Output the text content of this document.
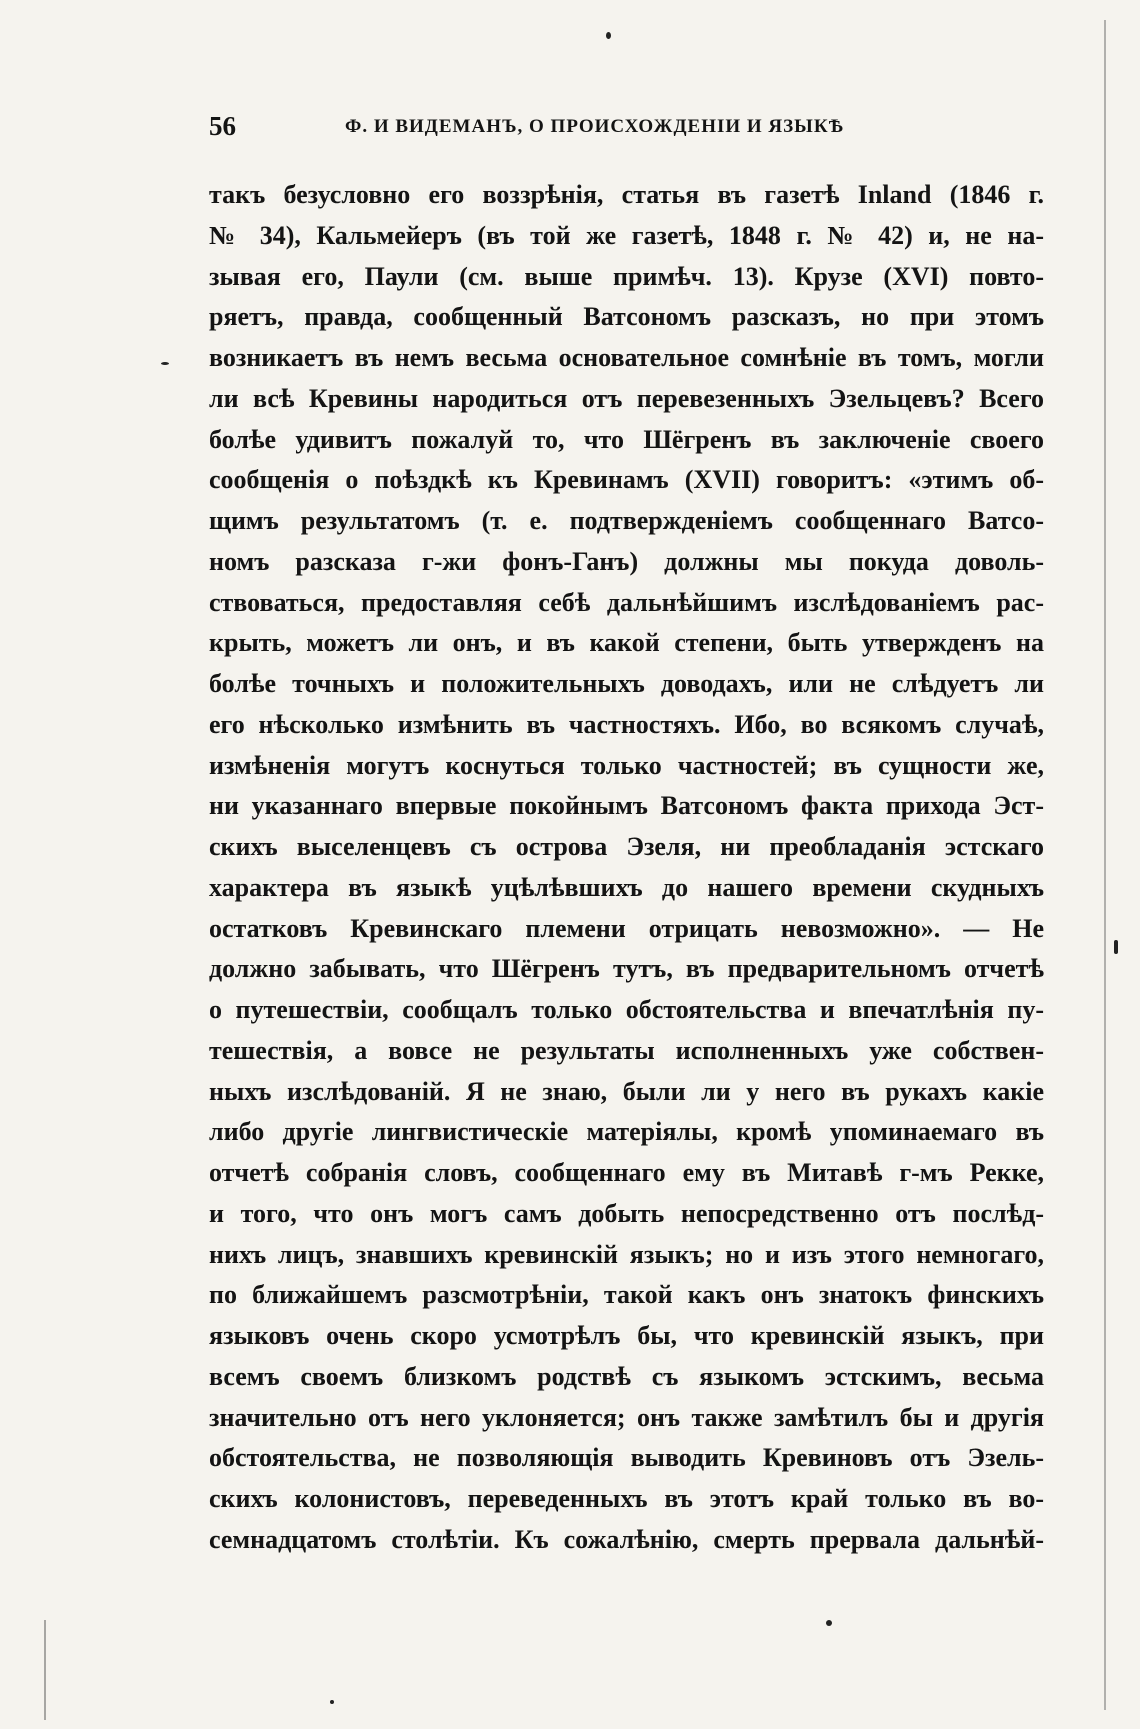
56	Ф. И ВИДЕМАНЪ, О ПРОИСХОЖДЕНIИ И ЯЗЫКѢ
такъ безусловно его воззрѣнія, статья въ газетѣ Inland (1846 г.
№ 34), Кальмейеръ (въ той же газетѣ, 1848 г. № 42) и, не на-
зывая его, Паули (см. выше примѣч. 13). Крузе (XVI) повто-
ряетъ, правда, сообщенный Ватсономъ разсказъ, но при этомъ
возникаетъ въ немъ весьма основательное сомнѣніе въ томъ, могли
ли всѣ Кревины народиться отъ перевезенныхъ Эзельцевъ? Всего
болѣе удивитъ пожалуй то, что Шёгренъ въ заключеніе своего
сообщенія о поѣздкѣ къ Кревинамъ (XVII) говоритъ: «этимъ об-
щимъ результатомъ (т. е. подтвержденіемъ сообщеннаго Ватсо-
номъ разсказа г-жи фонъ-Ганъ) должны мы покуда доволь-
ствоваться, предоставляя себѣ дальнѣйшимъ изслѣдованіемъ рас-
крыть, можетъ ли онъ, и въ какой степени, быть утвержденъ на
болѣе точныхъ и положительныхъ доводахъ, или не слѣдуетъ ли
его нѣсколько измѣнить въ частностяхъ. Ибо, во всякомъ случаѣ,
измѣненія могутъ коснуться только частностей; въ сущности же,
ни указаннаго впервые покойнымъ Ватсономъ факта прихода Эст-
скихъ выселенцевъ съ острова Эзеля, ни преобладанія эстскаго
характера въ языкѣ уцѣлѣвшихъ до нашего времени скудныхъ
остатковъ Кревинскаго племени отрицать невозможно». — Не
должно забывать, что Шёгренъ тутъ, въ предварительномъ отчетѣ
о путешествіи, сообщалъ только обстоятельства и впечатлѣнія пу-
тешествія, а вовсе не результаты исполненныхъ уже собствен-
ныхъ изслѣдованій. Я не знаю, были ли у него въ рукахъ какіе
либо другіе лингвистическіе матеріялы, кромѣ упоминаемаго въ
отчетѣ собранія словъ, сообщеннаго ему въ Митавѣ г-мъ Рекке,
и того, что онъ могъ самъ добыть непосредственно отъ послѣд-
нихъ лицъ, знавшихъ кревинскій языкъ; но и изъ этого немногаго,
по ближайшемъ разсмотрѣніи, такой какъ онъ знатокъ финскихъ
языковъ очень скоро усмотрѣлъ бы, что кревинскій языкъ, при
всемъ своемъ близкомъ родствѣ съ языкомъ эстскимъ, весьма
значительно отъ него уклоняется; онъ также замѣтилъ бы и другія
обстоятельства, не позволяющія выводить Кревиновъ отъ Эзель-
скихъ колонистовъ, переведенныхъ въ этотъ край только въ во-
семнадцатомъ столѣтіи. Къ сожалѣнію, смерть прервала дальнѣй-
